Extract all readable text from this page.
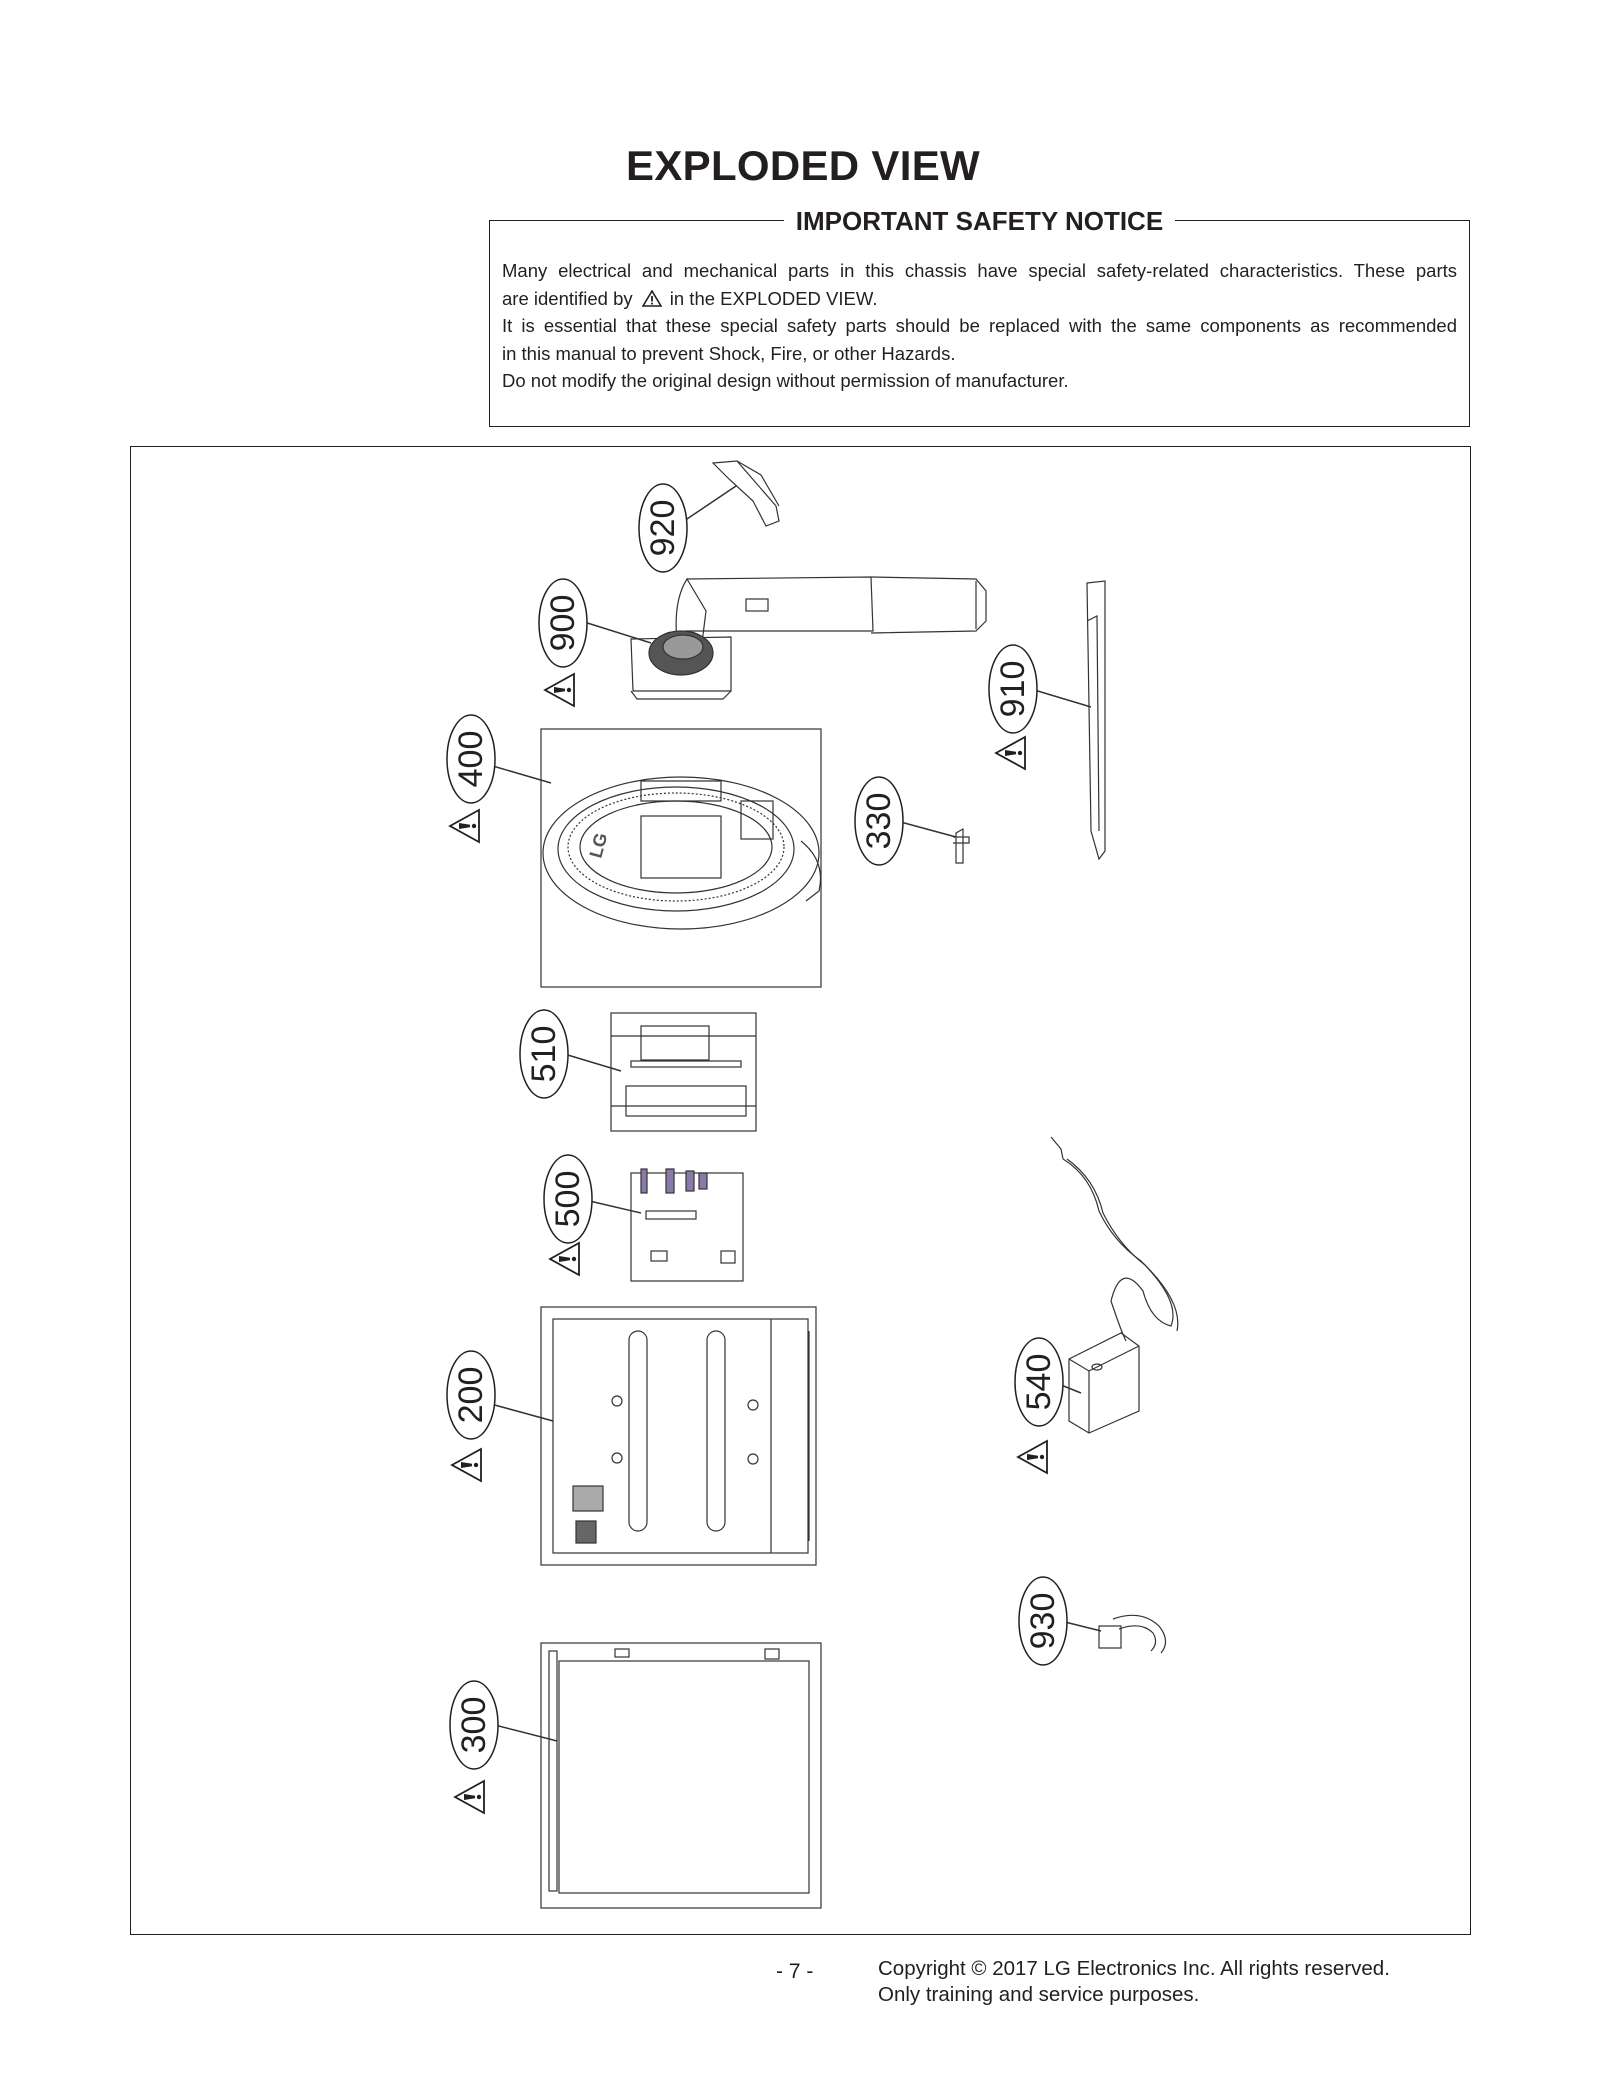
EXPLODED VIEW
IMPORTANT SAFETY NOTICE

Many electrical and mechanical parts in this chassis have special safety-related characteristics. These parts

are identified by in the EXPLODED VIEW.

It is essential that these special safety parts should be replaced with the same components as recommended

in this manual to prevent Shock, Fire, or other Hazards.

Do not modify the original design without permission of manufacturer.

LG
920
900
910
400
330
510
500
200	540
930
300
- 7 -	Copyright © 2017 LG Electronics Inc. All rights reserved.
Only training and service purposes.
